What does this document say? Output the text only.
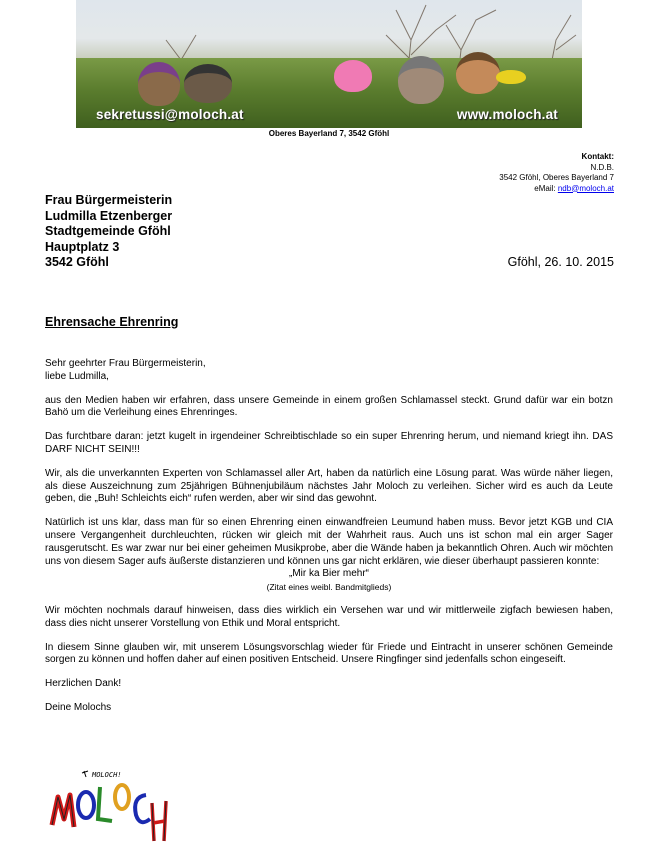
sekretussi@moloch.at	www.moloch.at
Oberes Bayerland 7, 3542 Gföhl
Kontakt:
N.D.B.
3542 Gföhl, Oberes Bayerland 7
eMail: ndb@moloch.at
Frau Bürgermeisterin
Ludmilla Etzenberger
Stadtgemeinde Gföhl
Hauptplatz 3
3542 Gföhl	Gföhl, 26. 10. 2015
Ehrensache Ehrenring

Sehr geehrter Frau Bürgermeisterin,
liebe Ludmilla,

aus den Medien haben wir erfahren, dass unsere Gemeinde in einem großen Schlamassel steckt. Grund dafür war ein botzn Bahö um die Verleihung eines Ehrenringes.

Das furchtbare daran: jetzt kugelt in irgendeiner Schreibtischlade so ein super Ehrenring herum, und niemand kriegt ihn. DAS DARF NICHT SEIN!!!

Wir, als die unverkannten Experten von Schlamassel aller Art, haben da natürlich eine Lösung parat. Was würde näher liegen, als diese Auszeichnung zum 25jährigen Bühnenjubiläum nächstes Jahr Moloch zu verleihen. Sicher wird es auch da Leute geben, die „Buh! Schleichts eich“ rufen werden, aber wir sind das gewohnt.

Natürlich ist uns klar, dass man für so einen Ehrenring einen einwandfreien Leumund haben muss. Bevor jetzt KGB und CIA unsere Vergangenheit durchleuchten, rücken wir gleich mit der Wahrheit raus. Auch uns ist schon mal ein arger Sager rausgerutscht. Es war zwar nur bei einer geheimen Musikprobe, aber die Wände haben ja bekanntlich Ohren. Auch wir möchten uns von diesem Sager aufs äußerste distanzieren und können uns gar nicht erklären, wie dieser überhaupt passieren konnte:

„Mir ka Bier mehr“

(Zitat eines weibl. Bandmitglieds)

Wir möchten nochmals darauf hinweisen, dass dies wirklich ein Versehen war und wir mittlerweile zigfach bewiesen haben, dass dies nicht unserer Vorstellung von Ethik und Moral entspricht.

In diesem Sinne glauben wir, mit unserem Lösungsvorschlag wieder für Friede und Eintracht in unserer schönen Gemeinde sorgen zu können und hoffen daher auf einen positiven Entscheid. Unsere Ringfinger sind jedenfalls schon eingeseift.

Herzlichen Dank!

Deine Molochs

MOLOCH!
